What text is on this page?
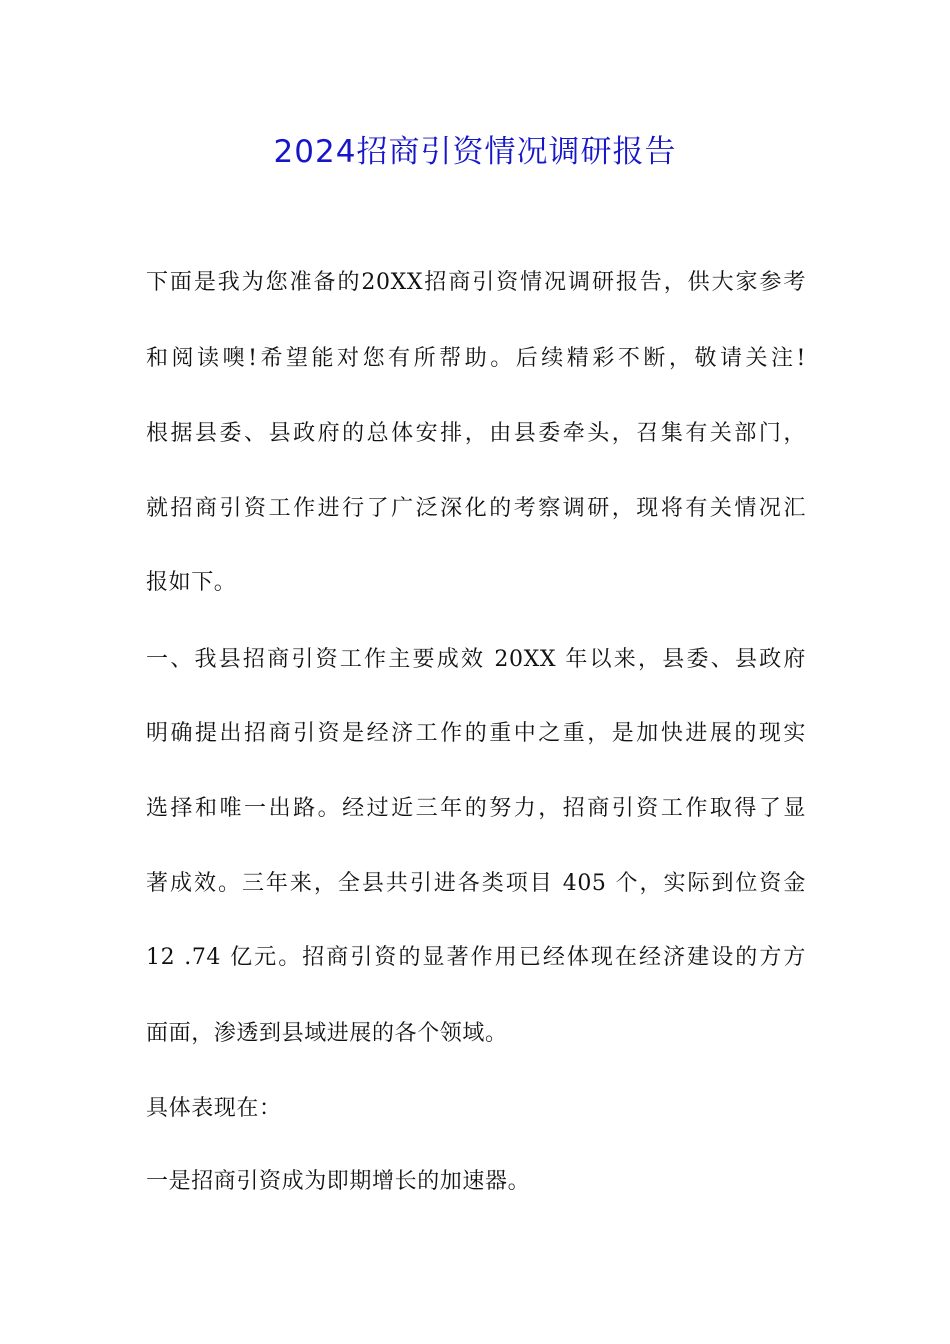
2024招商引资情况调研报告

下面是我为您准备的20XX招商引资情况调研报告，供大家参考

和阅读噢!希望能对您有所帮助。后续精彩不断，敬请关注!

根据县委、县政府的总体安排，由县委牵头，召集有关部门，

就招商引资工作进行了广泛深化的考察调研，现将有关情况汇

报如下。

一、我县招商引资工作主要成效 20XX 年以来，县委、县政府

明确提出招商引资是经济工作的重中之重，是加快进展的现实

选择和唯一出路。经过近三年的努力，招商引资工作取得了显

著成效。三年来，全县共引进各类项目 405 个，实际到位资金

12 .74 亿元。招商引资的显著作用已经体现在经济建设的方方

面面，渗透到县域进展的各个领域。

具体表现在：

一是招商引资成为即期增长的加速器。
